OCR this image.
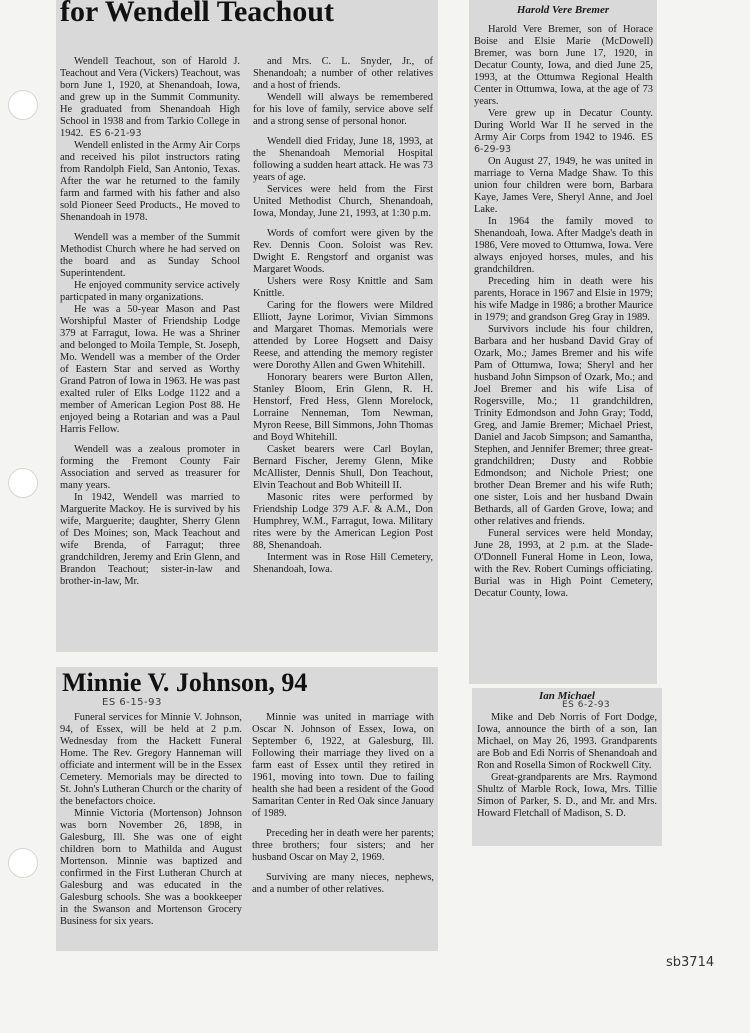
for Wendell Teachout

Wendell Teachout, son of Harold J. Teachout and Vera (Vickers) Teachout, was born June 1, 1920, at Shenandoah, Iowa, and grew up in the Summit Community. He graduated from Shenandoah High School in 1938 and from Tarkio College in 1942. ES 6-21-93

Wendell enlisted in the Army Air Corps and received his pilot instructors rating from Randolph Field, San Antonio, Texas. After the war he returned to the family farm and farmed with his father and also sold Pioneer Seed Products., He moved to Shenandoah in 1978.

Wendell was a member of the Summit Methodist Church where he had served on the board and as Sunday School Superintendent.

He enjoyed community service actively particpated in many organizations.

He was a 50-year Mason and Past Worshipful Master of Friendship Lodge 379 at Farragut, Iowa. He was a Shriner and belonged to Moila Temple, St. Joseph, Mo. Wendell was a member of the Order of Eastern Star and served as Worthy Grand Patron of Iowa in 1963. He was past exalted ruler of Elks Lodge 1122 and a member of American Legion Post 88. He enjoyed being a Rotarian and was a Paul Harris Fellow.

Wendell was a zealous promoter in forming the Fremont County Fair Association and served as treasurer for many years.

In 1942, Wendell was married to Marguerite Mackoy. He is survived by his wife, Marguerite; daughter, Sherry Glenn of Des Moines; son, Mack Teachout and wife Brenda, of Farragut; three grandchildren, Jeremy and Erin Glenn, and Brandon Teachout; sister-in-law and brother-in-law, Mr.

and Mrs. C. L. Snyder, Jr., of Shenandoah; a number of other relatives and a host of friends.

Wendell will always be remembered for his love of family, service above self and a strong sense of personal honor.

Wendell died Friday, June 18, 1993, at the Shenandoah Memorial Hospital following a sudden heart attack. He was 73 years of age.

Services were held from the First United Methodist Church, Shenandoah, Iowa, Monday, June 21, 1993, at 1:30 p.m.

Words of comfort were given by the Rev. Dennis Coon. Soloist was Rev. Dwight E. Rengstorf and organist was Margaret Woods.

Ushers were Rosy Knittle and Sam Knittle.

Caring for the flowers were Mildred Elliott, Jayne Lorimor, Vivian Simmons and Margaret Thomas. Memorials were attended by Loree Hogsett and Daisy Reese, and attending the memory register were Dorothy Allen and Gwen Whitehill.

Honorary bearers were Burton Allen, Stanley Bloom, Erin Glenn, R. H. Henstorf, Fred Hess, Glenn Morelock, Lorraine Nenneman, Tom Newman, Myron Reese, Bill Simmons, John Thomas and Boyd Whitehill.

Casket bearers were Carl Boylan, Bernard Fischer, Jeremy Glenn, Mike McAllister, Dennis Shull, Don Teachout, Elvin Teachout and Bob Whiteill II.

Masonic rites were performed by Friendship Lodge 379 A.F. & A.M., Don Humphrey, W.M., Farragut, Iowa. Military rites were by the American Legion Post 88, Shenandoah.

Interment was in Rose Hill Cemetery, Shenandoah, Iowa.

Harold Vere Bremer

Harold Vere Bremer, son of Horace Boise and Elsie Marie (McDowell) Bremer, was born June 17, 1920, in Decatur County, Iowa, and died June 25, 1993, at the Ottumwa Regional Health Center in Ottumwa, Iowa, at the age of 73 years.

Vere grew up in Decatur County. During World War II he served in the Army Air Corps from 1942 to 1946. ES 6-29-93

On August 27, 1949, he was united in marriage to Verna Madge Shaw. To this union four children were born, Barbara Kaye, James Vere, Sheryl Anne, and Joel Lake.

In 1964 the family moved to Shenandoah, Iowa. After Madge's death in 1986, Vere moved to Ottumwa, Iowa. Vere always enjoyed horses, mules, and his grandchildren.

Preceding him in death were his parents, Horace in 1967 and Elsie in 1979; his wife Madge in 1986; a brother Maurice in 1979; and grandson Greg Gray in 1989.

Survivors include his four children, Barbara and her husband David Gray of Ozark, Mo.; James Bremer and his wife Pam of Ottumwa, Iowa; Sheryl and her husband John Simpson of Ozark, Mo.; and Joel Bremer and his wife Lisa of Rogersville, Mo.; 11 grandchildren, Trinity Edmondson and John Gray; Todd, Greg, and Jamie Bremer; Michael Priest, Daniel and Jacob Simpson; and Samantha, Stephen, and Jennifer Bremer; three great-grandchildren; Dusty and Robbie Edmondson; and Nichole Priest; one brother Dean Bremer and his wife Ruth; one sister, Lois and her husband Dwain Bethards, all of Garden Grove, Iowa; and other relatives and friends.

Funeral services were held Monday, June 28, 1993, at 2 p.m. at the Slade-O'Donnell Funeral Home in Leon, Iowa, with the Rev. Robert Cumings officiating. Burial was in High Point Cemetery, Decatur County, Iowa.

Minnie V. Johnson, 94
ES 6-15-93

Funeral services for Minnie V. Johnson, 94, of Essex, will be held at 2 p.m. Wednesday from the Hackett Funeral Home. The Rev. Gregory Hanneman will officiate and interment will be in the Essex Cemetery. Memorials may be directed to St. John's Lutheran Church or the charity of the benefactors choice.

Minnie Victoria (Mortenson) Johnson was born November 26, 1898, in Galesburg, Ill. She was one of eight children born to Mathilda and August Mortenson. Minnie was baptized and confirmed in the First Lutheran Church at Galesburg and was educated in the Galesburg schools. She was a bookkeeper in the Swanson and Mortenson Grocery Business for six years.

Minnie was united in marriage with Oscar N. Johnson of Essex, Iowa, on September 6, 1922, at Galesburg, Ill. Following their marriage they lived on a farm east of Essex until they retired in 1961, moving into town. Due to failing health she had been a resident of the Good Samaritan Center in Red Oak since January of 1989.

Preceding her in death were her parents; three brothers; four sisters; and her husband Oscar on May 2, 1969.

Surviving are many nieces, nephews, and a number of other relatives.

Ian Michael
ES 6-2-93

Mike and Deb Norris of Fort Dodge, Iowa, announce the birth of a son, Ian Michael, on May 26, 1993. Grandparents are Bob and Edi Norris of Shenandoah and Ron and Rosella Simon of Rockwell City.

Great-grandparents are Mrs. Raymond Shultz of Marble Rock, Iowa, Mrs. Tillie Simon of Parker, S. D., and Mr. and Mrs. Howard Fletchall of Madison, S. D.

sb3714
